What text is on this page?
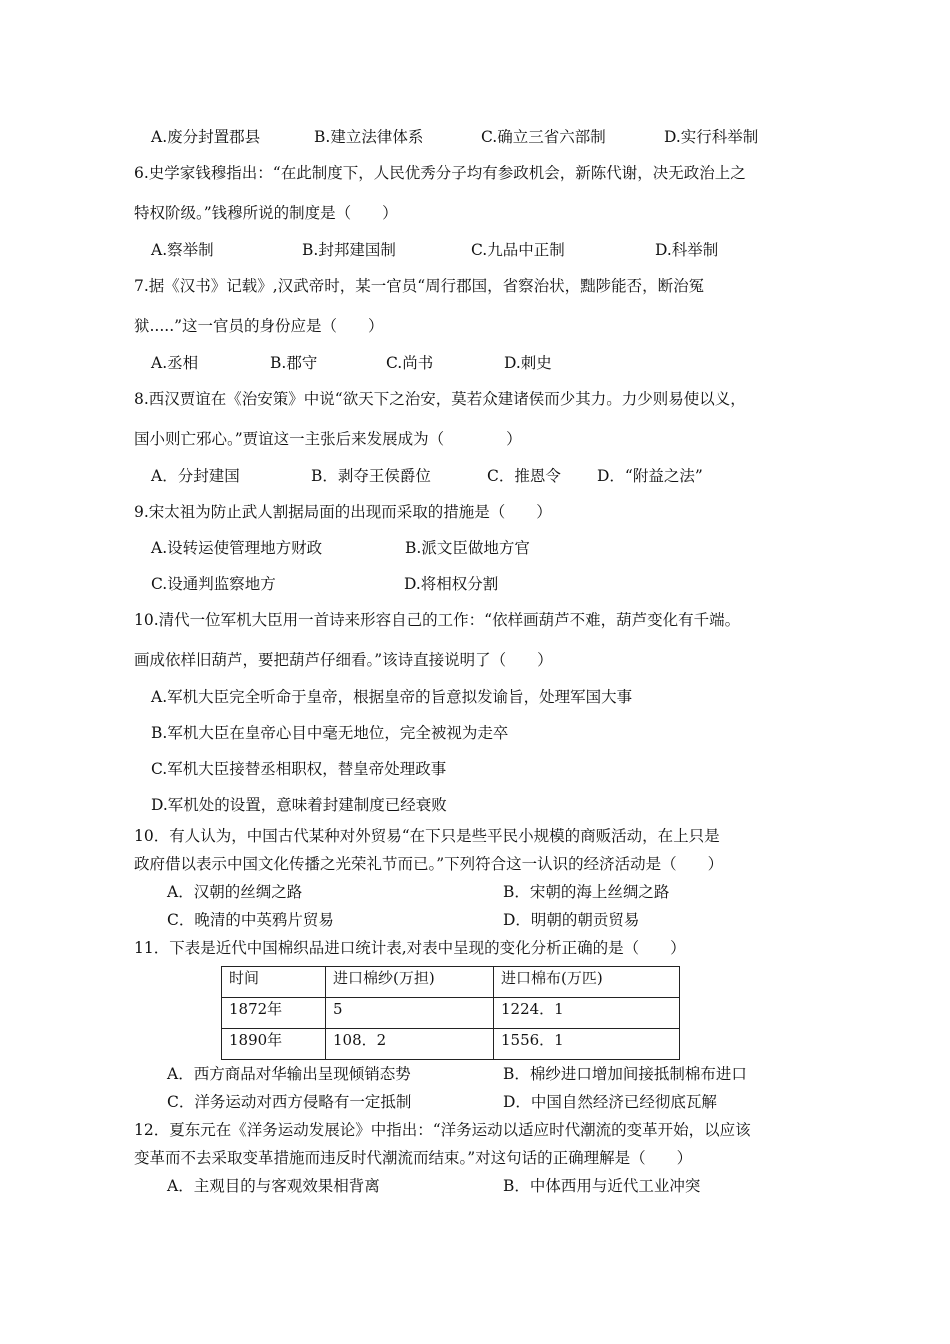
A.废分封置郡县	B.建立法律体系	C.确立三省六部制	D.实行科举制
6.史学家钱穆指出：“在此制度下，人民优秀分子均有参政机会，新陈代谢，决无政治上之
特权阶级。”钱穆所说的制度是（　　）
A.察举制	B.封邦建国制	C.九品中正制	D.科举制
7.据《汉书》记载》,汉武帝时，某一官员“周行郡国，省察治状，黜陟能否，断治冤
狱.....”这一官员的身份应是（　　）
A.丞相	B.郡守	C.尚书	D.刺史
8.西汉贾谊在《治安策》中说“欲天下之治安，莫若众建诸侯而少其力。力少则易使以义，
国小则亡邪心。”贾谊这一主张后来发展成为（　　　　）
A．分封建国	B．剥夺王侯爵位	C．推恩令 D．“附益之法”
9.宋太祖为防止武人割据局面的出现而采取的措施是（　　）
A.设转运使管理地方财政	B.派文臣做地方官
C.设通判监察地方	D.将相权分割
10.清代一位军机大臣用一首诗来形容自己的工作：“依样画葫芦不难，葫芦变化有千端。
画成依样旧葫芦，要把葫芦仔细看。”该诗直接说明了（　　）
A.军机大臣完全听命于皇帝，根据皇帝的旨意拟发谕旨，处理军国大事
B.军机大臣在皇帝心目中毫无地位，完全被视为走卒
C.军机大臣接替丞相职权，替皇帝处理政事
D.军机处的设置，意味着封建制度已经衰败
10．有人认为，中国古代某种对外贸易“在下只是些平民小规模的商贩活动，在上只是
政府借以表示中国文化传播之光荣礼节而已。”下列符合这一认识的经济活动是（　　）
A．汉朝的丝绸之路	B．宋朝的海上丝绸之路
C．晚清的中英鸦片贸易	D．明朝的朝贡贸易
11．下表是近代中国棉织品进口统计表,对表中呈现的变化分析正确的是（　　）
时间	进口棉纱(万担)	进口棉布(万匹)
1872年	5	1224．1
1890年	108．2	1556．1
A．西方商品对华输出呈现倾销态势	B．棉纱进口增加间接抵制棉布进口
C．洋务运动对西方侵略有一定抵制	D．中国自然经济已经彻底瓦解
12．夏东元在《洋务运动发展论》中指出：“洋务运动以适应时代潮流的变革开始，以应该
变革而不去采取变革措施而违反时代潮流而结束。”对这句话的正确理解是（　　）
A．主观目的与客观效果相背离	B．中体西用与近代工业冲突
